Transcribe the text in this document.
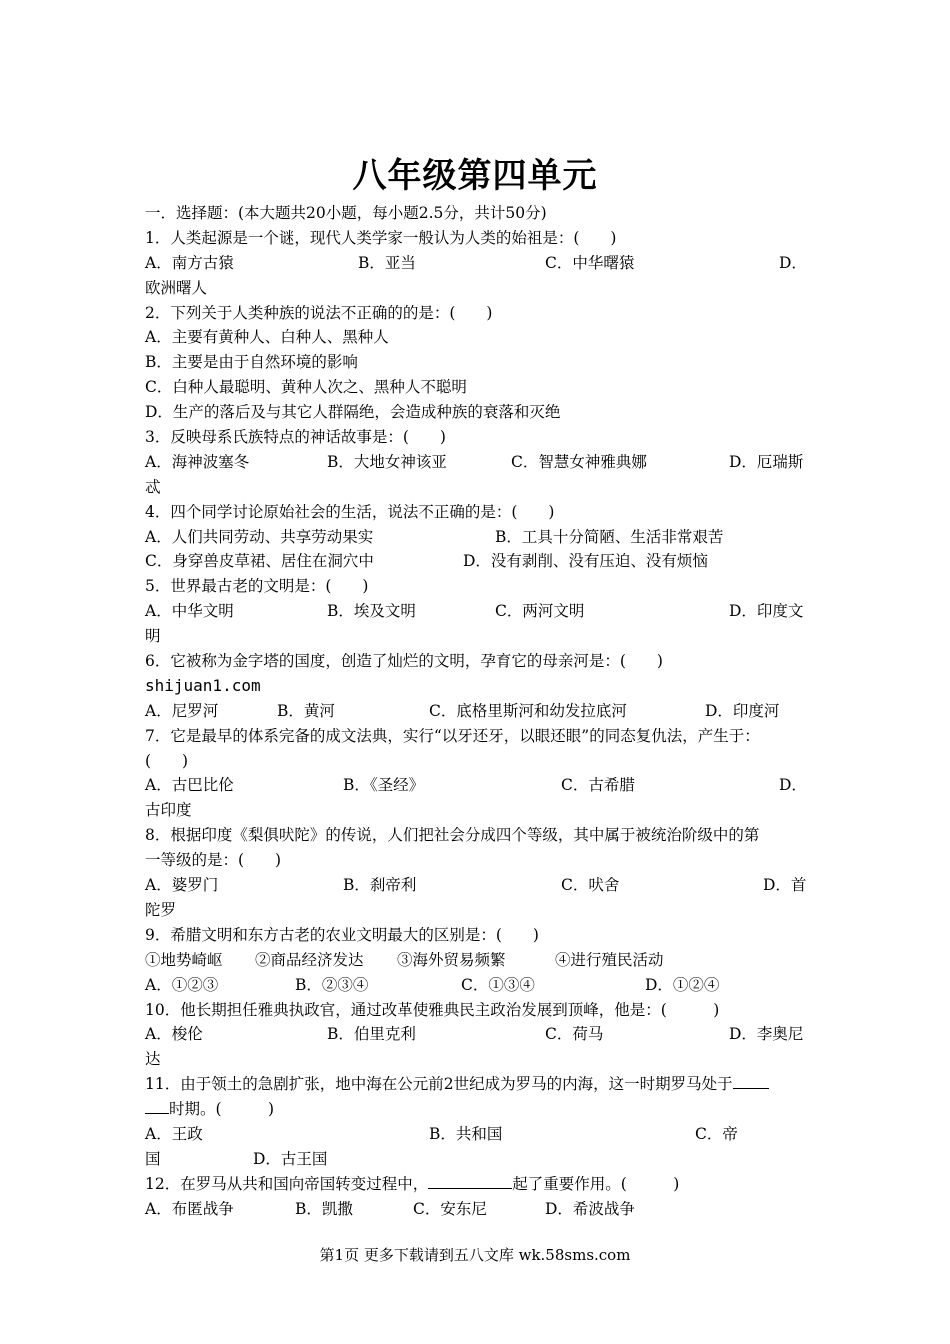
八年级第四单元
一．选择题：(本大题共20小题，每小题2.5分，共计50分)
1．人类起源是一个谜，现代人类学家一般认为人类的始祖是：(　　)
A．南方古猿	B．亚当	C．中华曙猿	D．
欧洲曙人
2．下列关于人类种族的说法不正确的的是：(　　)
A．主要有黄种人、白种人、黑种人
B．主要是由于自然环境的影响
C．白种人最聪明、黄种人次之、黑种人不聪明
D．生产的落后及与其它人群隔绝，会造成种族的衰落和灭绝
3．反映母系氏族特点的神话故事是：(　　)
A．海神波塞冬	B．大地女神该亚	C．智慧女神雅典娜	D．厄瑞斯
忒
4．四个同学讨论原始社会的生活，说法不正确的是：(　　)
A．人们共同劳动、共享劳动果实	B．工具十分简陋、生活非常艰苦
C．身穿兽皮草裙、居住在洞穴中	D．没有剥削、没有压迫、没有烦恼
5．世界最古老的文明是：(　　)
A．中华文明	B．埃及文明	C．两河文明	D．印度文
明
6．它被称为金字塔的国度，创造了灿烂的文明，孕育它的母亲河是：(　　)
shijuan1.com
A．尼罗河	B．黄河	C．底格里斯河和幼发拉底河	D．印度河
7．它是最早的体系完备的成文法典，实行“以牙还牙，以眼还眼”的同态复仇法，产生于：
(　　)
A．古巴比伦	B．《圣经》	C．古希腊	D．
古印度
8．根据印度《梨俱吠陀》的传说，人们把社会分成四个等级，其中属于被统治阶级中的第
一等级的是：(　　)
A．婆罗门	B．刹帝利	C．吠舍	D．首
陀罗
9．希腊文明和东方古老的农业文明最大的区别是：(　　)
①地势崎岖 ②商品经济发达 ③海外贸易频繁	④进行殖民活动
A．①②③	B．②③④	C．①③④	D．①②④
10．他长期担任雅典执政官，通过改革使雅典民主政治发展到顶峰，他是：(　　　)
A．梭伦	B．伯里克利	C．荷马	D．李奥尼
达
11．由于领土的急剧扩张，地中海在公元前2世纪成为罗马的内海，这一时期罗马处于
时期。(　　　)
A．王政	B．共和国	C．帝
国	D．古王国
12．在罗马从共和国向帝国转变过程中，	起了重要作用。(　　　)
A．布匿战争	B．凯撒	C．安东尼	D．希波战争
第1页 更多下载请到五八文库 wk.58sms.com
